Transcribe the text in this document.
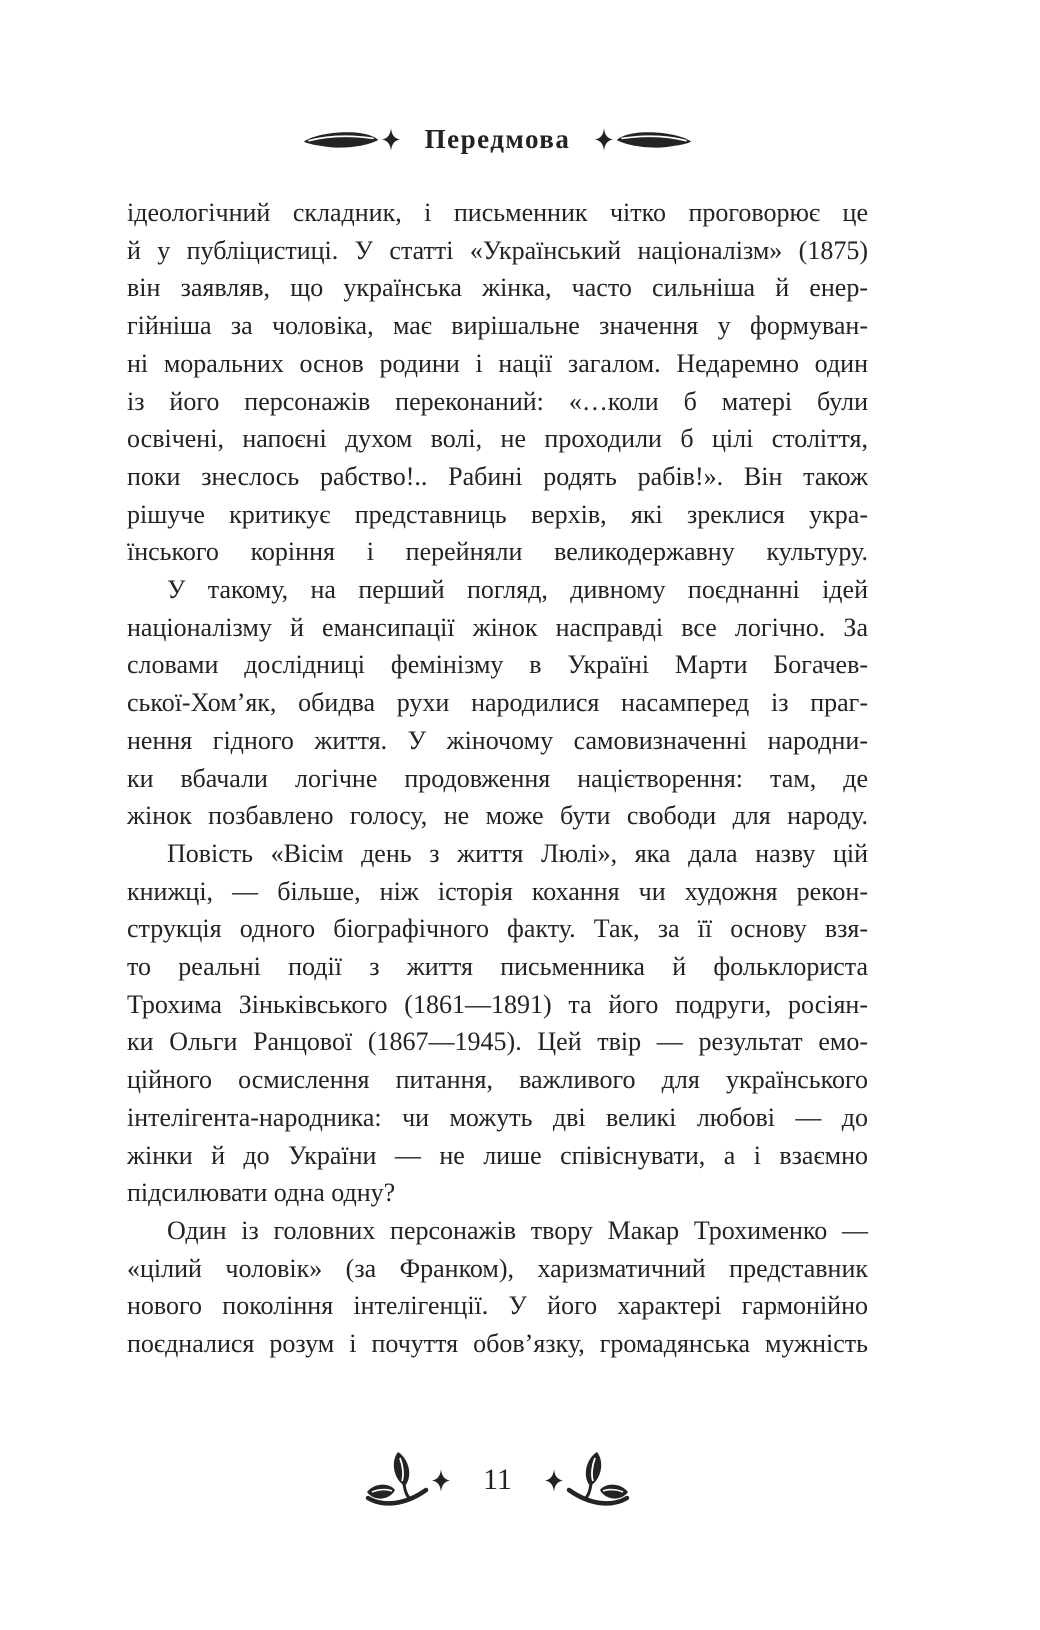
Передмова
ідеологічний складник, і письменник чітко проговорює це
й у публіцистиці. У статті «Український націоналізм» (1875)
він заявляв, що українська жінка, часто сильніша й енер-
гійніша за чоловіка, має вирішальне значення у формуван-
ні моральних основ родини і нації загалом. Недаремно один
із його персонажів переконаний: «…коли б матері були
освічені, напоєні духом волі, не проходили б цілі століття,
поки знеслось рабство!.. Рабині родять рабів!». Він також
рішуче критикує представниць верхів, які зреклися укра-
їнського коріння і перейняли великодержавну культуру.
У такому, на перший погляд, дивному поєднанні ідей
націоналізму й емансипації жінок насправді все логічно. За
словами дослідниці фемінізму в Україні Марти Богачев-
ської-Хом’як, обидва рухи народилися насамперед із праг-
нення гідного життя. У жіночому самовизначенні народни-
ки вбачали логічне продовження націєтворення: там, де
жінок позбавлено голосу, не може бути свободи для народу.
Повість «Вісім день з життя Люлі», яка дала назву цій
книжці, — більше, ніж історія кохання чи художня рекон-
струкція одного біографічного факту. Так, за її основу взя-
то реальні події з життя письменника й фольклориста
Трохима Зіньківського (1861—1891) та його подруги, росіян-
ки Ольги Ранцової (1867—1945). Цей твір — результат емо-
ційного осмислення питання, важливого для українського
інтелігента-народника: чи можуть дві великі любові — до
жінки й до України — не лише співіснувати, а і взаємно
підсилювати одна одну?
Один із головних персонажів твору Макар Трохименко —
«цілий чоловік» (за Франком), харизматичний представник
нового покоління інтелігенції. У його характері гармонійно
поєдналися розум і почуття обов’язку, громадянська мужність
11
